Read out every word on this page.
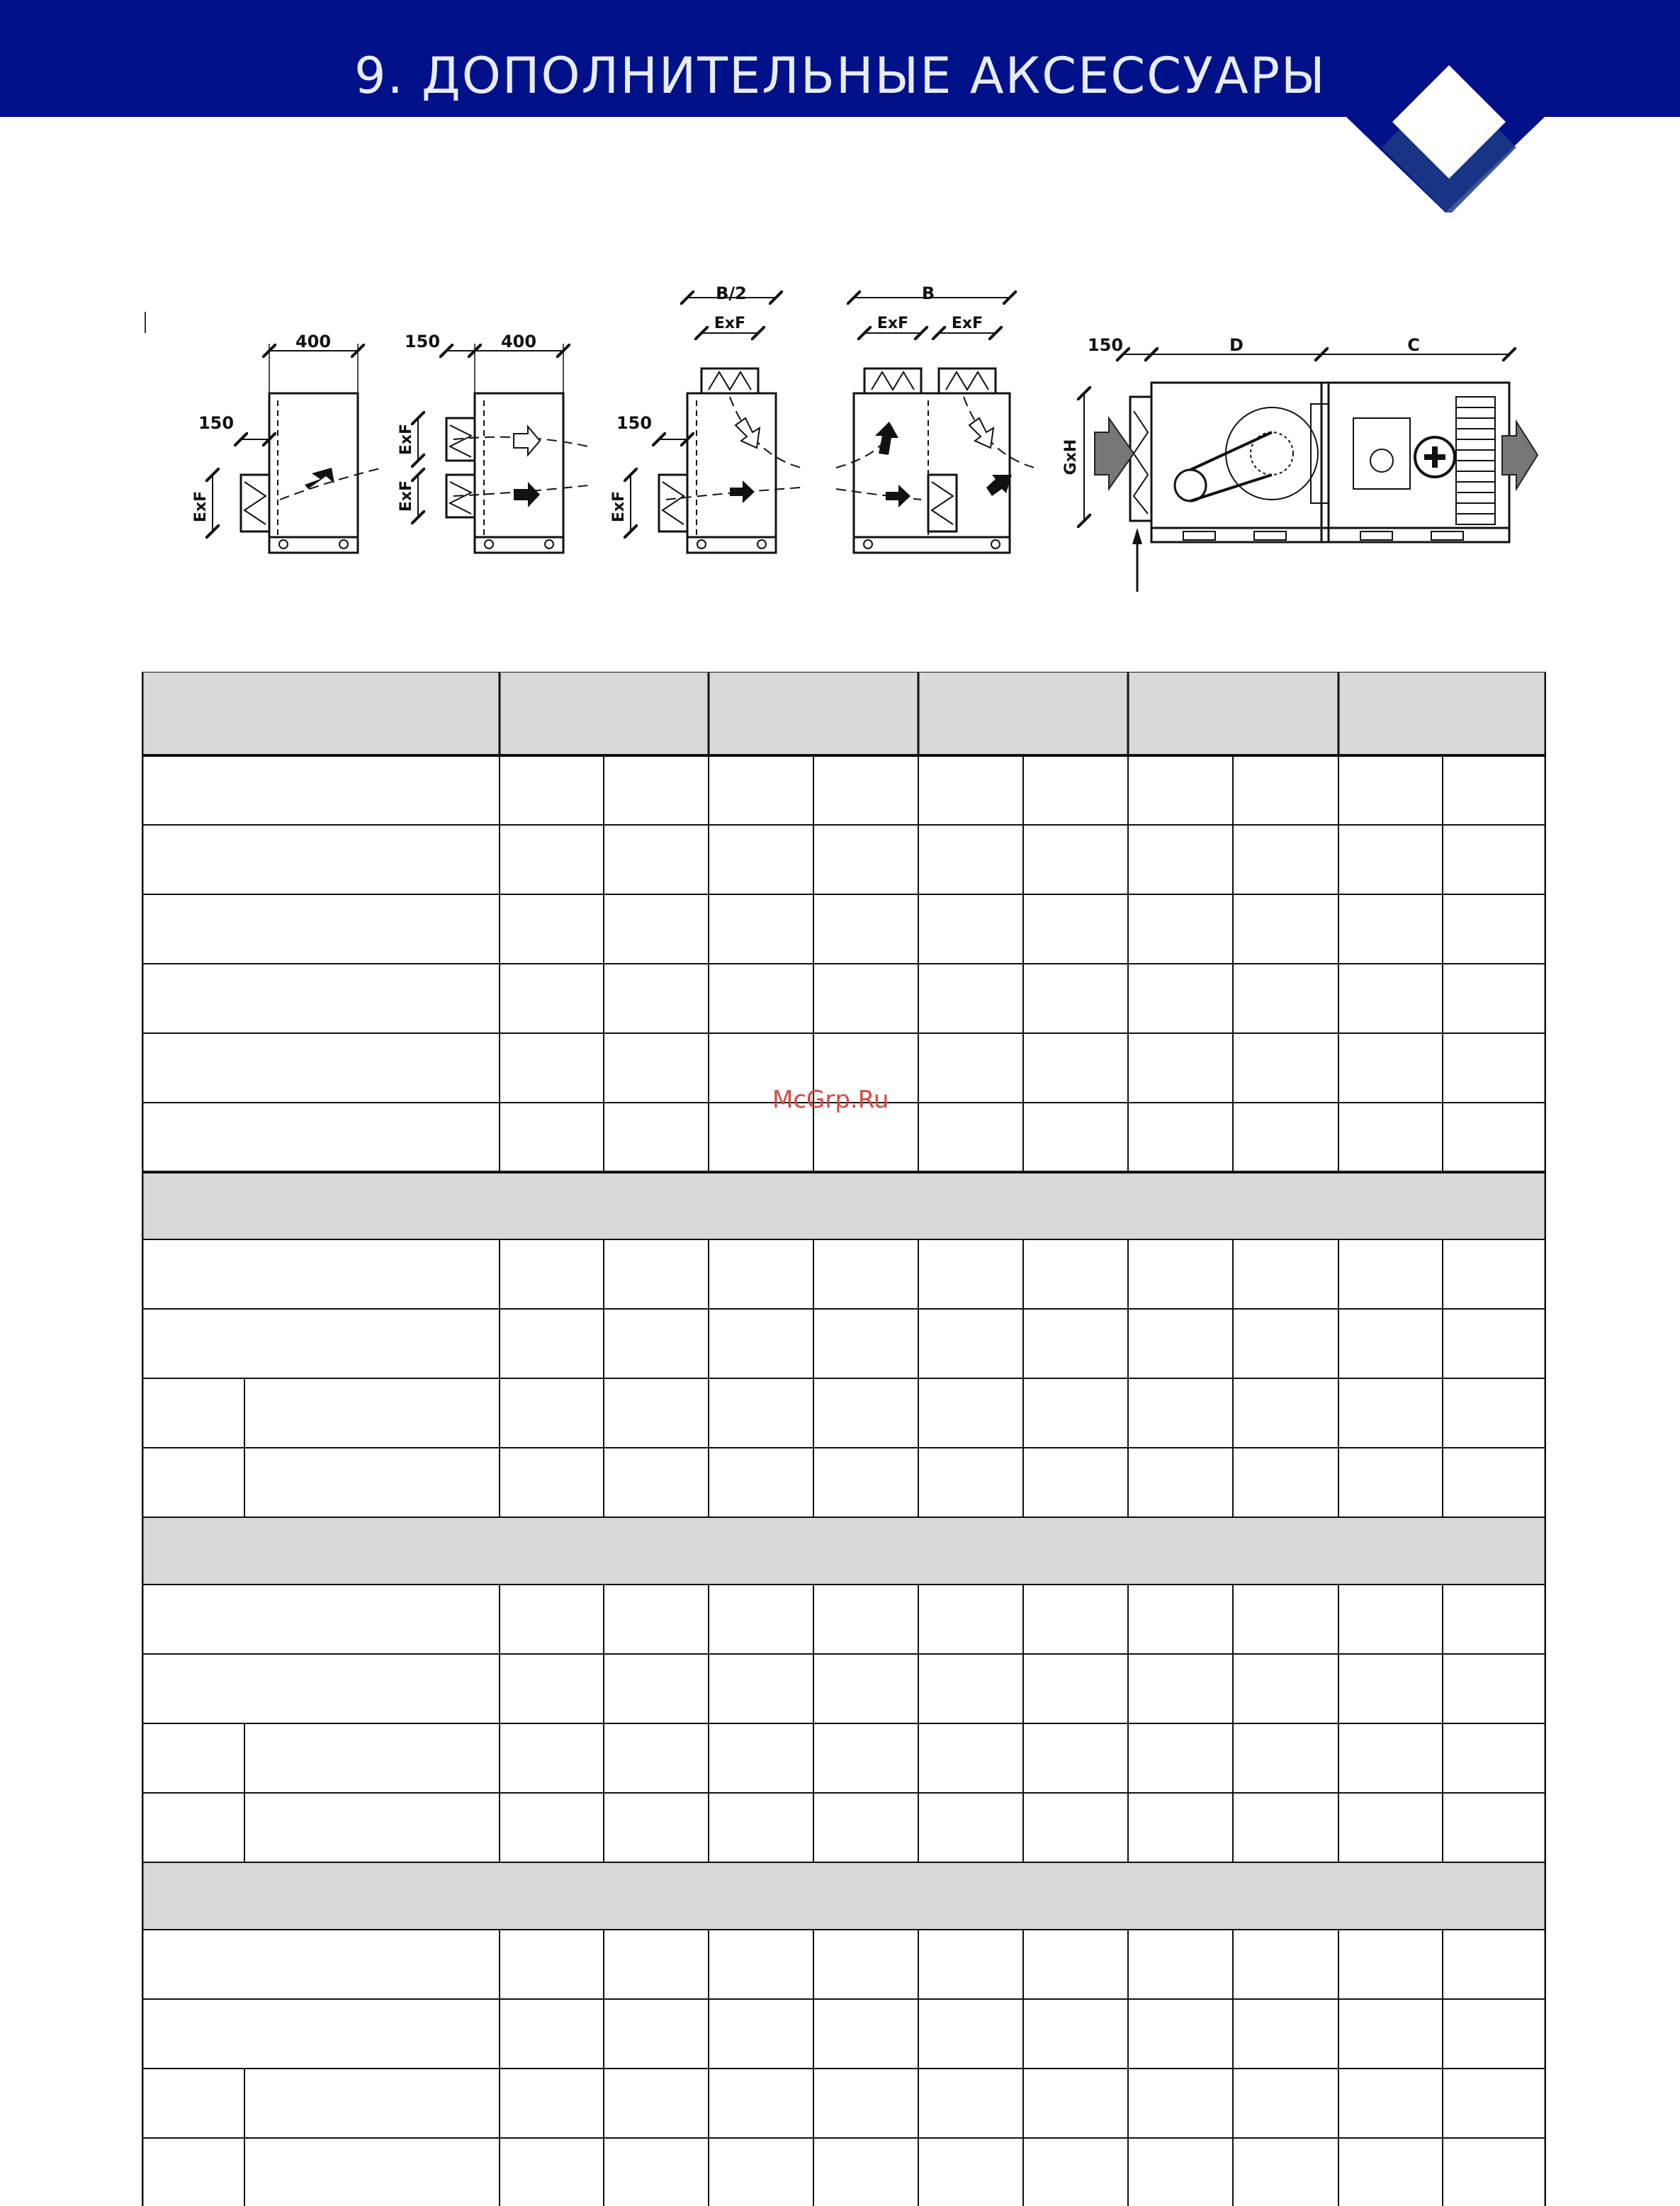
9. ДОПОЛНИТЕЛЬНЫЕ АКСЕССУАРЫ
400
150
ExF
150	400
ExF
ExF
B/2
ExF
150
ExF
B
ExF	ExF
150	D	C
GxH
McGrp.Ru
